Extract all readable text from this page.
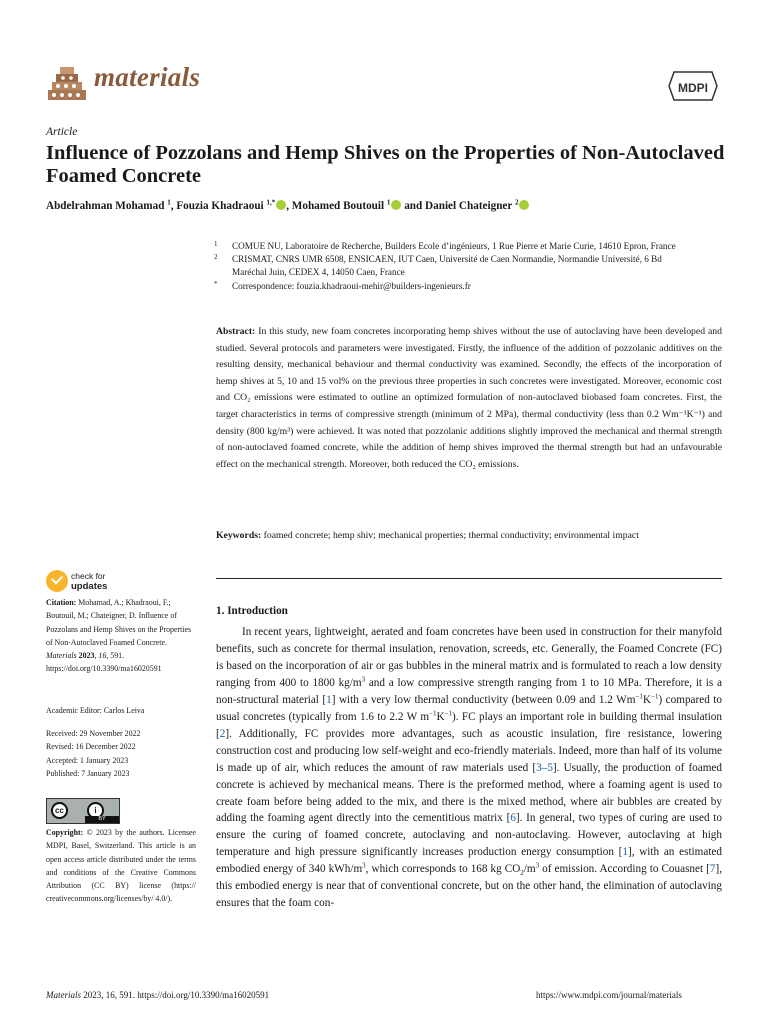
materials	MDPI
Article
Influence of Pozzolans and Hemp Shives on the Properties of Non-Autoclaved Foamed Concrete
Abdelrahman Mohamad $^1$, Fouzia Khadraoui $^{1,*}$ , Mohamed Boutouil $^1$ and Daniel Chateigner $^2$
1 COMUE NU, Laboratoire de Recherche, Builders Ecole d’ingénieurs, 1 Rue Pierre et Marie Curie, 14610 Epron, France
2 CRISMAT, CNRS UMR 6508, ENSICAEN, IUT Caen, Université de Caen Normandie, Normandie Université, 6 Bd Maréchal Juin, CEDEX 4, 14050 Caen, France
* Correspondence: fouzia.khadraoui-mehir@builders-ingenieurs.fr
Abstract: In this study, new foam concretes incorporating hemp shives without the use of autoclaving have been developed and studied. Several protocols and parameters were investigated. Firstly, the influence of the addition of pozzolanic additives on the resulting density, mechanical behaviour and thermal conductivity was examined. Secondly, the effects of the incorporation of hemp shives at 5, 10 and 15 vol% on the previous three properties in such concretes were investigated. Moreover, economic cost and CO₂ emissions were estimated to outline an optimized formulation of non-autoclaved biobased foam concretes. First, the target characteristics in terms of compressive strength (minimum of 2 MPa), thermal conductivity (less than 0.2 Wm⁻¹K⁻¹) and density (800 kg/m³) were achieved. It was noted that pozzolanic additions slightly improved the mechanical and thermal strength of non-autoclaved foamed concrete, while the addition of hemp shives improved the thermal strength but had an unfavourable effect on the mechanical strength. Moreover, both reduced the CO₂ emissions.
Keywords: foamed concrete; hemp shiv; mechanical properties; thermal conductivity; environmental impact
check for
updates
Citation: Mohamad, A.; Khadraoui, F.; Boutouil, M.; Chateigner, D. Influence of Pozzolans and Hemp Shives on the Properties of Non-Autoclaved Foamed Concrete. Materials 2023, 16, 591. https://doi.org/10.3390/ma16020591
Academic Editor: Carlos Leiva
Received: 29 November 2022
Revised: 16 December 2022
Accepted: 1 January 2023
Published: 7 January 2023
cc	i
BY
Copyright: © 2023 by the authors. Licensee MDPI, Basel, Switzerland. This article is an open access article distributed under the terms and conditions of the Creative Commons Attribution (CC BY) license (https:// creativecommons.org/licenses/by/ 4.0/).
1. Introduction

In recent years, lightweight, aerated and foam concretes have been used in construction for their manyfold benefits, such as concrete for thermal insulation, renovation, screeds, etc. Generally, the Foamed Concrete (FC) is based on the incorporation of air or gas bubbles in the mineral matrix and is formulated to reach a low density ranging from 400 to 1800 $kg/m^3$ and a low compressive strength ranging from 1 to 10 MPa. Therefore, it is a non-structural material [1] with a very low thermal conductivity (between 0.09 and 1.2 $Wm^{-1}K^{-1}$) compared to usual concretes (typically from 1.6 to 2.2 W $m^{-1}K^{-1}$). FC plays an important role in building thermal insulation [2]. Additionally, FC provides more advantages, such as acoustic insulation, fire resistance, lowering construction cost and producing low self-weight and eco-friendly materials. Indeed, more than half of its volume is made up of air, which reduces the amount of raw materials used [3–5]. Usually, the production of foamed concrete is achieved by mechanical means. There is the preformed method, where a foaming agent is used to create foam before being added to the mix, and there is the mixed method, where air bubbles are created by adding the foaming agent directly into the cementitious matrix [6]. In general, two types of curing are used to ensure the curing of foamed concrete, autoclaving and non-autoclaving. However, autoclaving at high temperature and high pressure significantly increases production energy consumption [1], with an estimated embodied energy of 340 kWh/$m^3$, which corresponds to 168 kg $CO_2/m^3$ of emission. According to Couasnet [7], this embodied energy is near that of conventional concrete, but on the other hand, the elimination of autoclaving ensures that the foam con-

Materials 2023, 16, 591. https://doi.org/10.3390/ma16020591	https://www.mdpi.com/journal/materials
